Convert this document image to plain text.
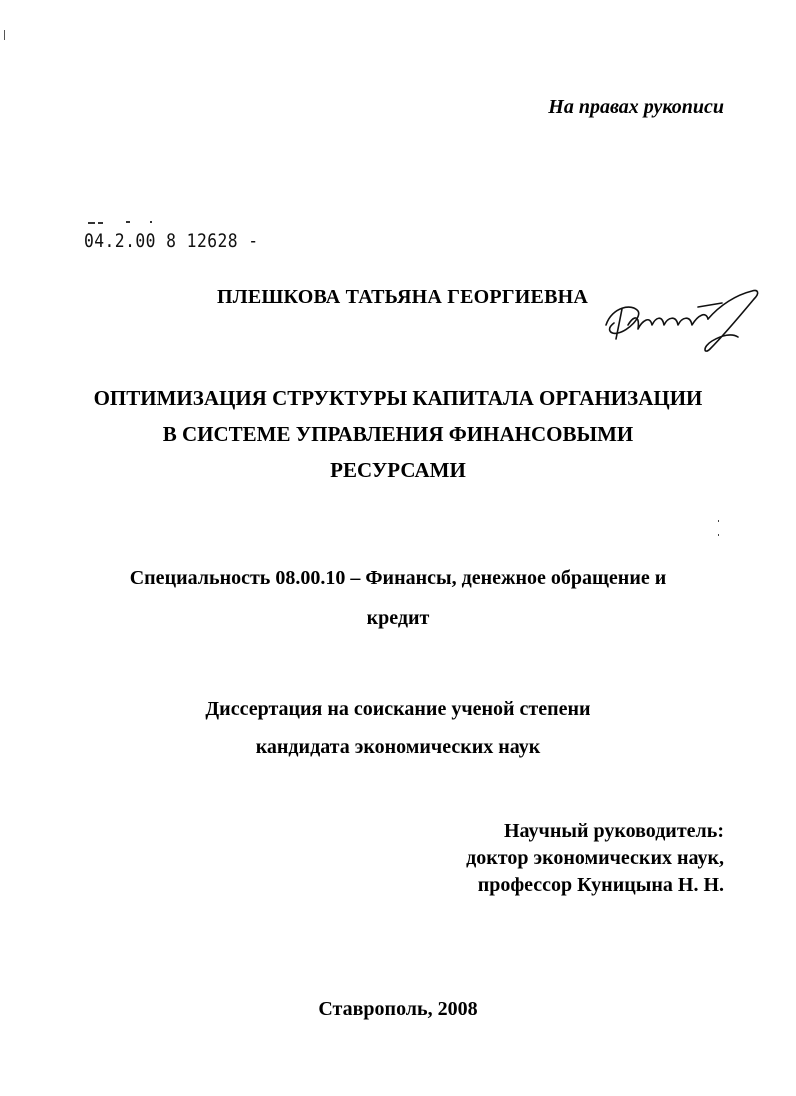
На правах рукописи
04.2.00 8 12628 -
ПЛЕШКОВА ТАТЬЯНА ГЕОРГИЕВНА
ОПТИМИЗАЦИЯ СТРУКТУРЫ КАПИТАЛА ОРГАНИЗАЦИИ
В СИСТЕМЕ УПРАВЛЕНИЯ ФИНАНСОВЫМИ
РЕСУРСАМИ
Специальность 08.00.10 – Финансы, денежное обращение и
кредит
Диссертация на соискание ученой степени
кандидата экономических наук
Научный руководитель:
доктор экономических наук,
профессор Куницына Н. Н.
Ставрополь, 2008
